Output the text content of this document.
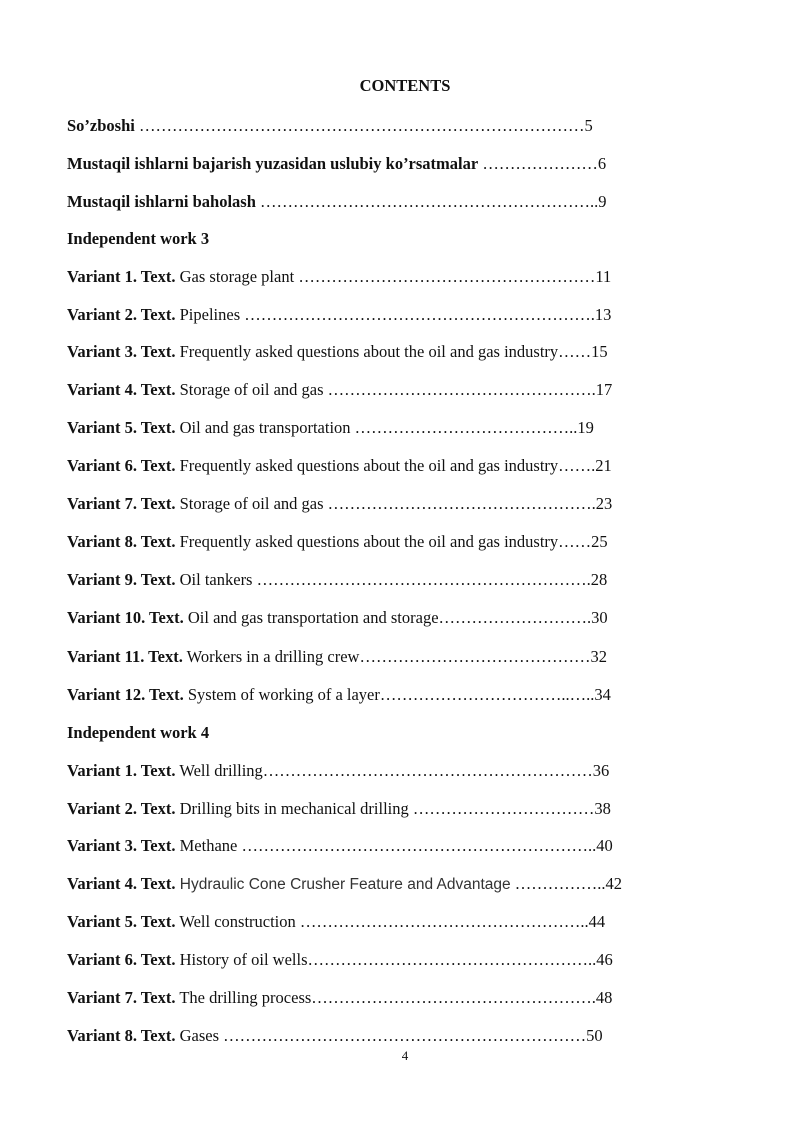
CONTENTS
So’zboshi ………………………………………………………………………5
Mustaqil ishlarni bajarish yuzasidan uslubiy ko’rsatmalar …………………6
Mustaqil ishlarni baholash ……………………………………………………..9
Independent work 3
Variant 1. Text. Gas storage plant ………………………………………………11
Variant 2. Text. Pipelines ……………………………………………………….13
Variant 3. Text. Frequently asked questions about the oil and gas industry……15
Variant 4. Text. Storage of oil and gas ………………………………………….17
Variant 5. Text. Oil and gas transportation …………………………………..19
Variant 6. Text. Frequently asked questions about the oil and gas industry…….21
Variant 7. Text. Storage of oil and gas ………………………………………….23
Variant 8. Text. Frequently asked questions about the oil and gas industry……25
Variant 9. Text. Oil tankers …………………………………………………….28
Variant 10. Text. Oil and gas transportation and storage……………………….30
Variant 11. Text. Workers in a drilling crew……………………………………32
Variant 12. Text. System of working of a layer……………………………..…..34
Independent work 4
Variant 1. Text. Well drilling……………………………………………………36
Variant 2. Text. Drilling bits in mechanical drilling ……………………………38
Variant 3. Text. Methane ………………………………………………………..40
Variant 4. Text. Hydraulic Cone Crusher Feature and Advantage ……………..42
Variant 5. Text. Well construction ……………………………………………..44
Variant 6. Text. History of oil wells……………………………………………..46
Variant 7. Text. The drilling process…………………………………………….48
Variant 8. Text. Gases …………………………………………………………50
4
